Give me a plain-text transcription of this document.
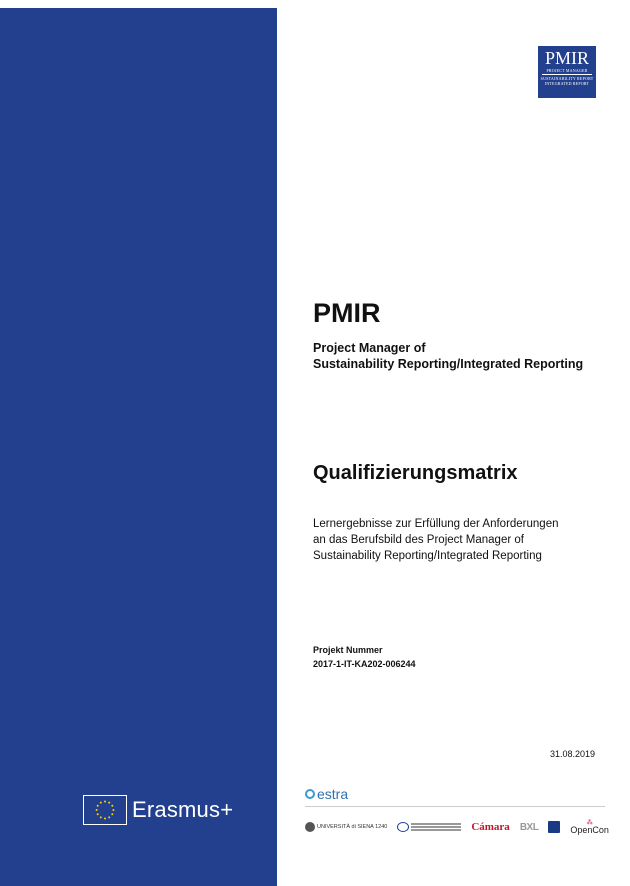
Erasmus+
PMIR
PROJECT MANAGER
SUSTAINABILITY REPORT
INTEGRATED REPORT
PMIR
Project Manager of
Sustainability Reporting/Integrated Reporting
Qualifizierungsmatrix
Lernergebnisse zur Erfüllung der Anforderungen
an das Berufsbild des Project Manager of
Sustainability Reporting/Integrated Reporting
Projekt Nummer
2017-1-IT-KA202-006244
31.08.2019
estra
UNIVERSITÀ di SIENA 1240	Cámara BXL	⁂
OpenCon
